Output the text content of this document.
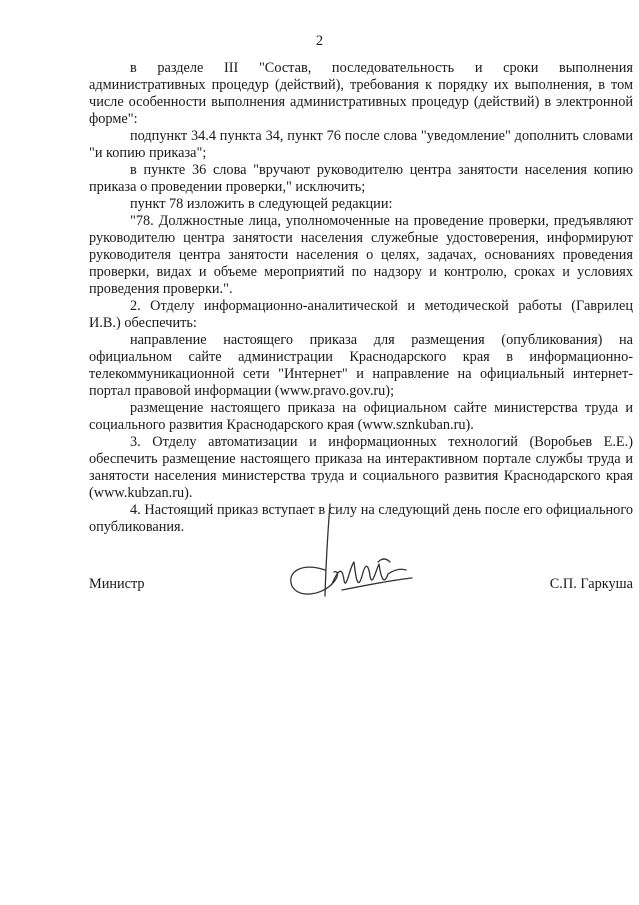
2

в разделе III "Состав, последовательность и сроки выполнения административных процедур (действий), требования к порядку их выполнения, в том числе особенности выполнения административных процедур (действий) в электронной форме":

подпункт 34.4 пункта 34, пункт 76 после слова "уведомление" дополнить словами "и копию приказа";

в пункте 36 слова "вручают руководителю центра занятости населения копию приказа о проведении проверки," исключить;

пункт 78 изложить в следующей редакции:

"78. Должностные лица, уполномоченные на проведение проверки, предъявляют руководителю центра занятости населения служебные удостоверения, информируют руководителя центра занятости населения о целях, задачах, основаниях проведения проверки, видах и объеме мероприятий по надзору и контролю, сроках и условиях проведения проверки.".

2. Отделу информационно-аналитической и методической работы (Гаврилец И.В.) обеспечить:

направление настоящего приказа для размещения (опубликования) на официальном сайте администрации Краснодарского края в информационно-телекоммуникационной сети "Интернет" и направление на официальный интернет-портал правовой информации (www.pravo.gov.ru);

размещение настоящего приказа на официальном сайте министерства труда и социального развития Краснодарского края (www.sznkuban.ru).

3. Отделу автоматизации и информационных технологий (Воробьев Е.Е.) обеспечить размещение настоящего приказа на интерактивном портале службы труда и занятости населения министерства труда и социального развития Краснодарского края (www.kubzan.ru).

4. Настоящий приказ вступает в силу на следующий день после его официального опубликования.

Министр	С.П. Гаркуша
